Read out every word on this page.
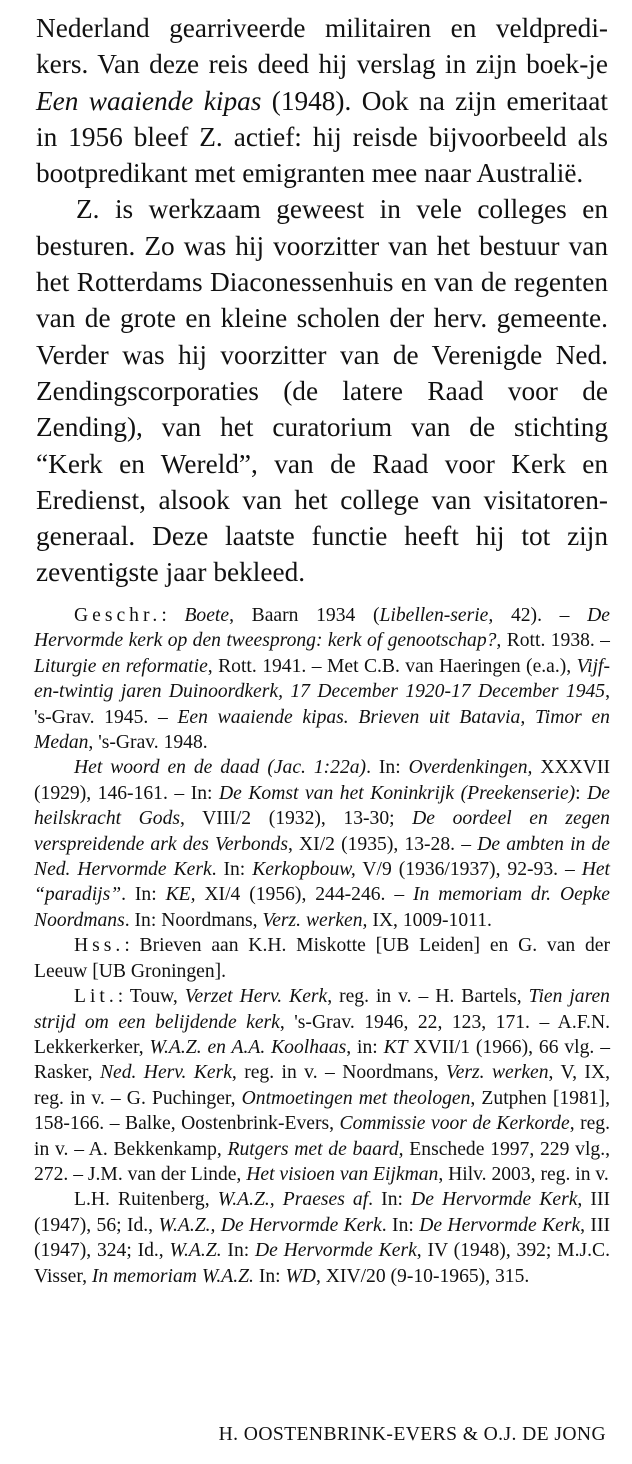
Nederland gearriveerde militairen en veldpredi-kers. Van deze reis deed hij verslag in zijn boek-je Een waaiende kipas (1948). Ook na zijn emeritaat in 1956 bleef Z. actief: hij reisde bijvoorbeeld als bootpredikant met emigranten mee naar Australië.

Z. is werkzaam geweest in vele colleges en besturen. Zo was hij voorzitter van het bestuur van het Rotterdams Diaconessenhuis en van de regenten van de grote en kleine scholen der herv. gemeente. Verder was hij voorzitter van de Verenigde Ned. Zendingscorporaties (de latere Raad voor de Zending), van het curatorium van de stichting “Kerk en Wereld”, van de Raad voor Kerk en Eredienst, alsook van het college van visitatoren-generaal. Deze laatste functie heeft hij tot zijn zeventigste jaar bekleed.

Geschr.: Boete, Baarn 1934 (Libellen-serie, 42). – De Hervormde kerk op den tweesprong: kerk of genootschap?, Rott. 1938. – Liturgie en reformatie, Rott. 1941. – Met C.B. van Haeringen (e.a.), Vijf-en-twintig jaren Duinoordkerk, 17 December 1920-17 December 1945, 's-Grav. 1945. – Een waaiende kipas. Brieven uit Batavia, Timor en Medan, 's-Grav. 1948.

Het woord en de daad (Jac. 1:22a). In: Overdenkingen, XXXVII (1929), 146-161. – In: De Komst van het Koninkrijk (Preekenserie): De heilskracht Gods, VIII/2 (1932), 13-30; De oordeel en zegen verspreidende ark des Verbonds, XI/2 (1935), 13-28. – De ambten in de Ned. Hervormde Kerk. In: Kerkopbouw, V/9 (1936/1937), 92-93. – Het “paradijs”. In: KE, XI/4 (1956), 244-246. – In memoriam dr. Oepke Noordmans. In: Noordmans, Verz. werken, IX, 1009-1011.

Hss.: Brieven aan K.H. Miskotte [UB Leiden] en G. van der Leeuw [UB Groningen].

Lit.: Touw, Verzet Herv. Kerk, reg. in v. – H. Bartels, Tien jaren strijd om een belijdende kerk, 's-Grav. 1946, 22, 123, 171. – A.F.N. Lekkerkerker, W.A.Z. en A.A. Koolhaas, in: KT XVII/1 (1966), 66 vlg. – Rasker, Ned. Herv. Kerk, reg. in v. – Noordmans, Verz. werken, V, IX, reg. in v. – G. Puchinger, Ontmoetingen met theologen, Zutphen [1981], 158-166. – Balke, Oostenbrink-Evers, Commissie voor de Kerkorde, reg. in v. – A. Bekkenkamp, Rutgers met de baard, Enschede 1997, 229 vlg., 272. – J.M. van der Linde, Het visioen van Eijkman, Hilv. 2003, reg. in v.

L.H. Ruitenberg, W.A.Z., Praeses af. In: De Hervormde Kerk, III (1947), 56; Id., W.A.Z., De Hervormde Kerk. In: De Hervormde Kerk, III (1947), 324; Id., W.A.Z. In: De Hervormde Kerk, IV (1948), 392; M.J.C. Visser, In memoriam W.A.Z. In: WD, XIV/20 (9-10-1965), 315.

H. OOSTENBRINK-EVERS & O.J. DE JONG
